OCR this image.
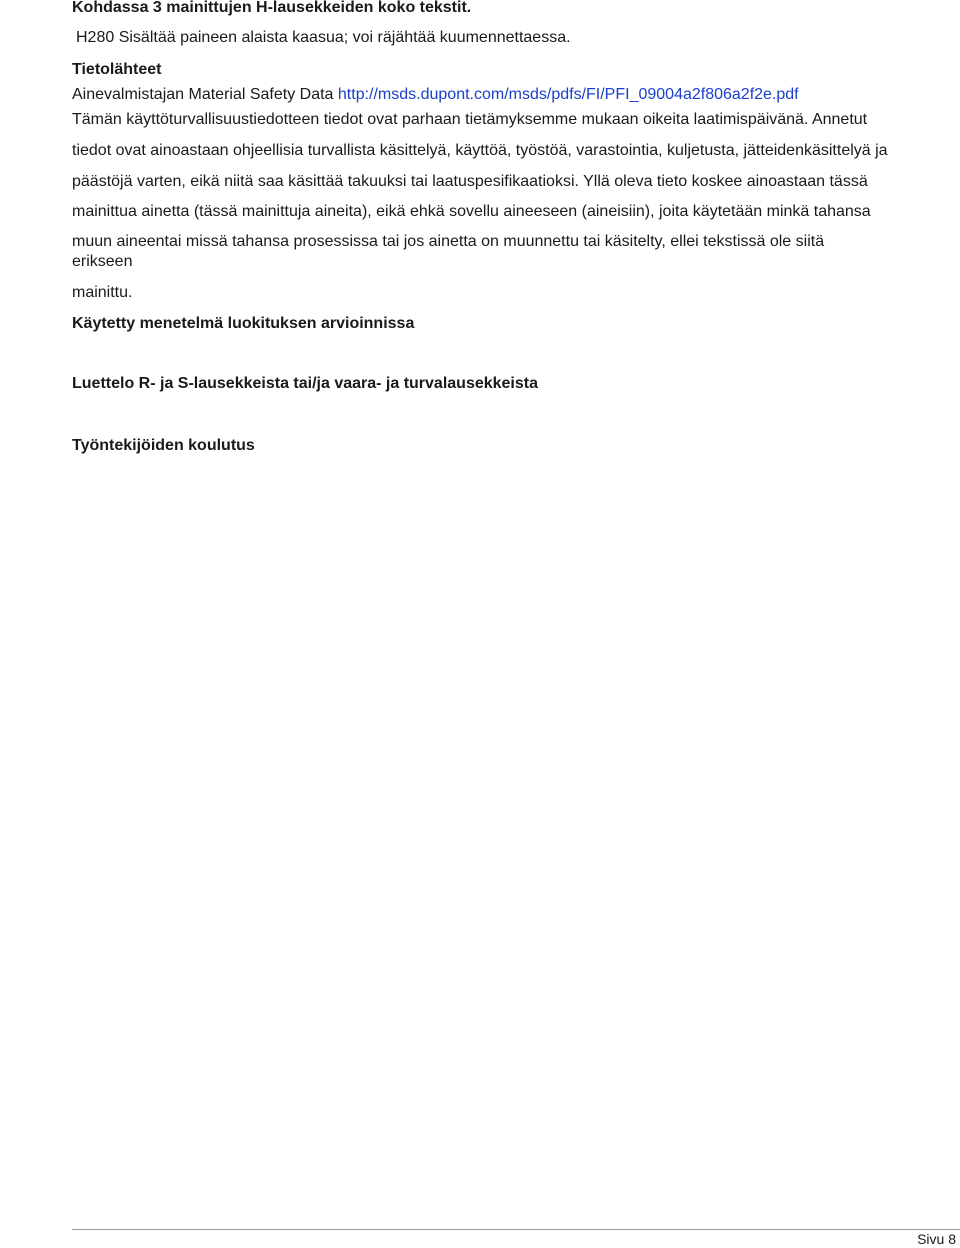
Kohdassa 3 mainittujen H-lausekkeiden koko tekstit.
H280 Sisältää paineen alaista kaasua; voi räjähtää kuumennettaessa.
Tietolähteet
Ainevalmistajan Material Safety Data http://msds.dupont.com/msds/pdfs/FI/PFI_09004a2f806a2f2e.pdf
Tämän käyttöturvallisuustiedotteen tiedot ovat parhaan tietämyksemme mukaan oikeita laatimispäivänä. Annetut
tiedot ovat ainoastaan ohjeellisia turvallista käsittelyä, käyttöä, työstöä, varastointia, kuljetusta, jätteidenkäsittelyä ja
päästöjä varten, eikä niitä saa käsittää takuuksi tai laatuspesifikaatioksi. Yllä oleva tieto koskee ainoastaan tässä
mainittua ainetta (tässä mainittuja aineita), eikä ehkä sovellu aineeseen (aineisiin), joita käytetään minkä tahansa
muun aineentai missä tahansa prosessissa tai jos ainetta on muunnettu tai käsitelty, ellei tekstissä ole siitä
erikseen
mainittu.
Käytetty menetelmä luokituksen arvioinnissa
Luettelo R- ja S-lausekkeista tai/ja vaara- ja turvalausekkeista
Työntekijöiden koulutus
Sivu 8
